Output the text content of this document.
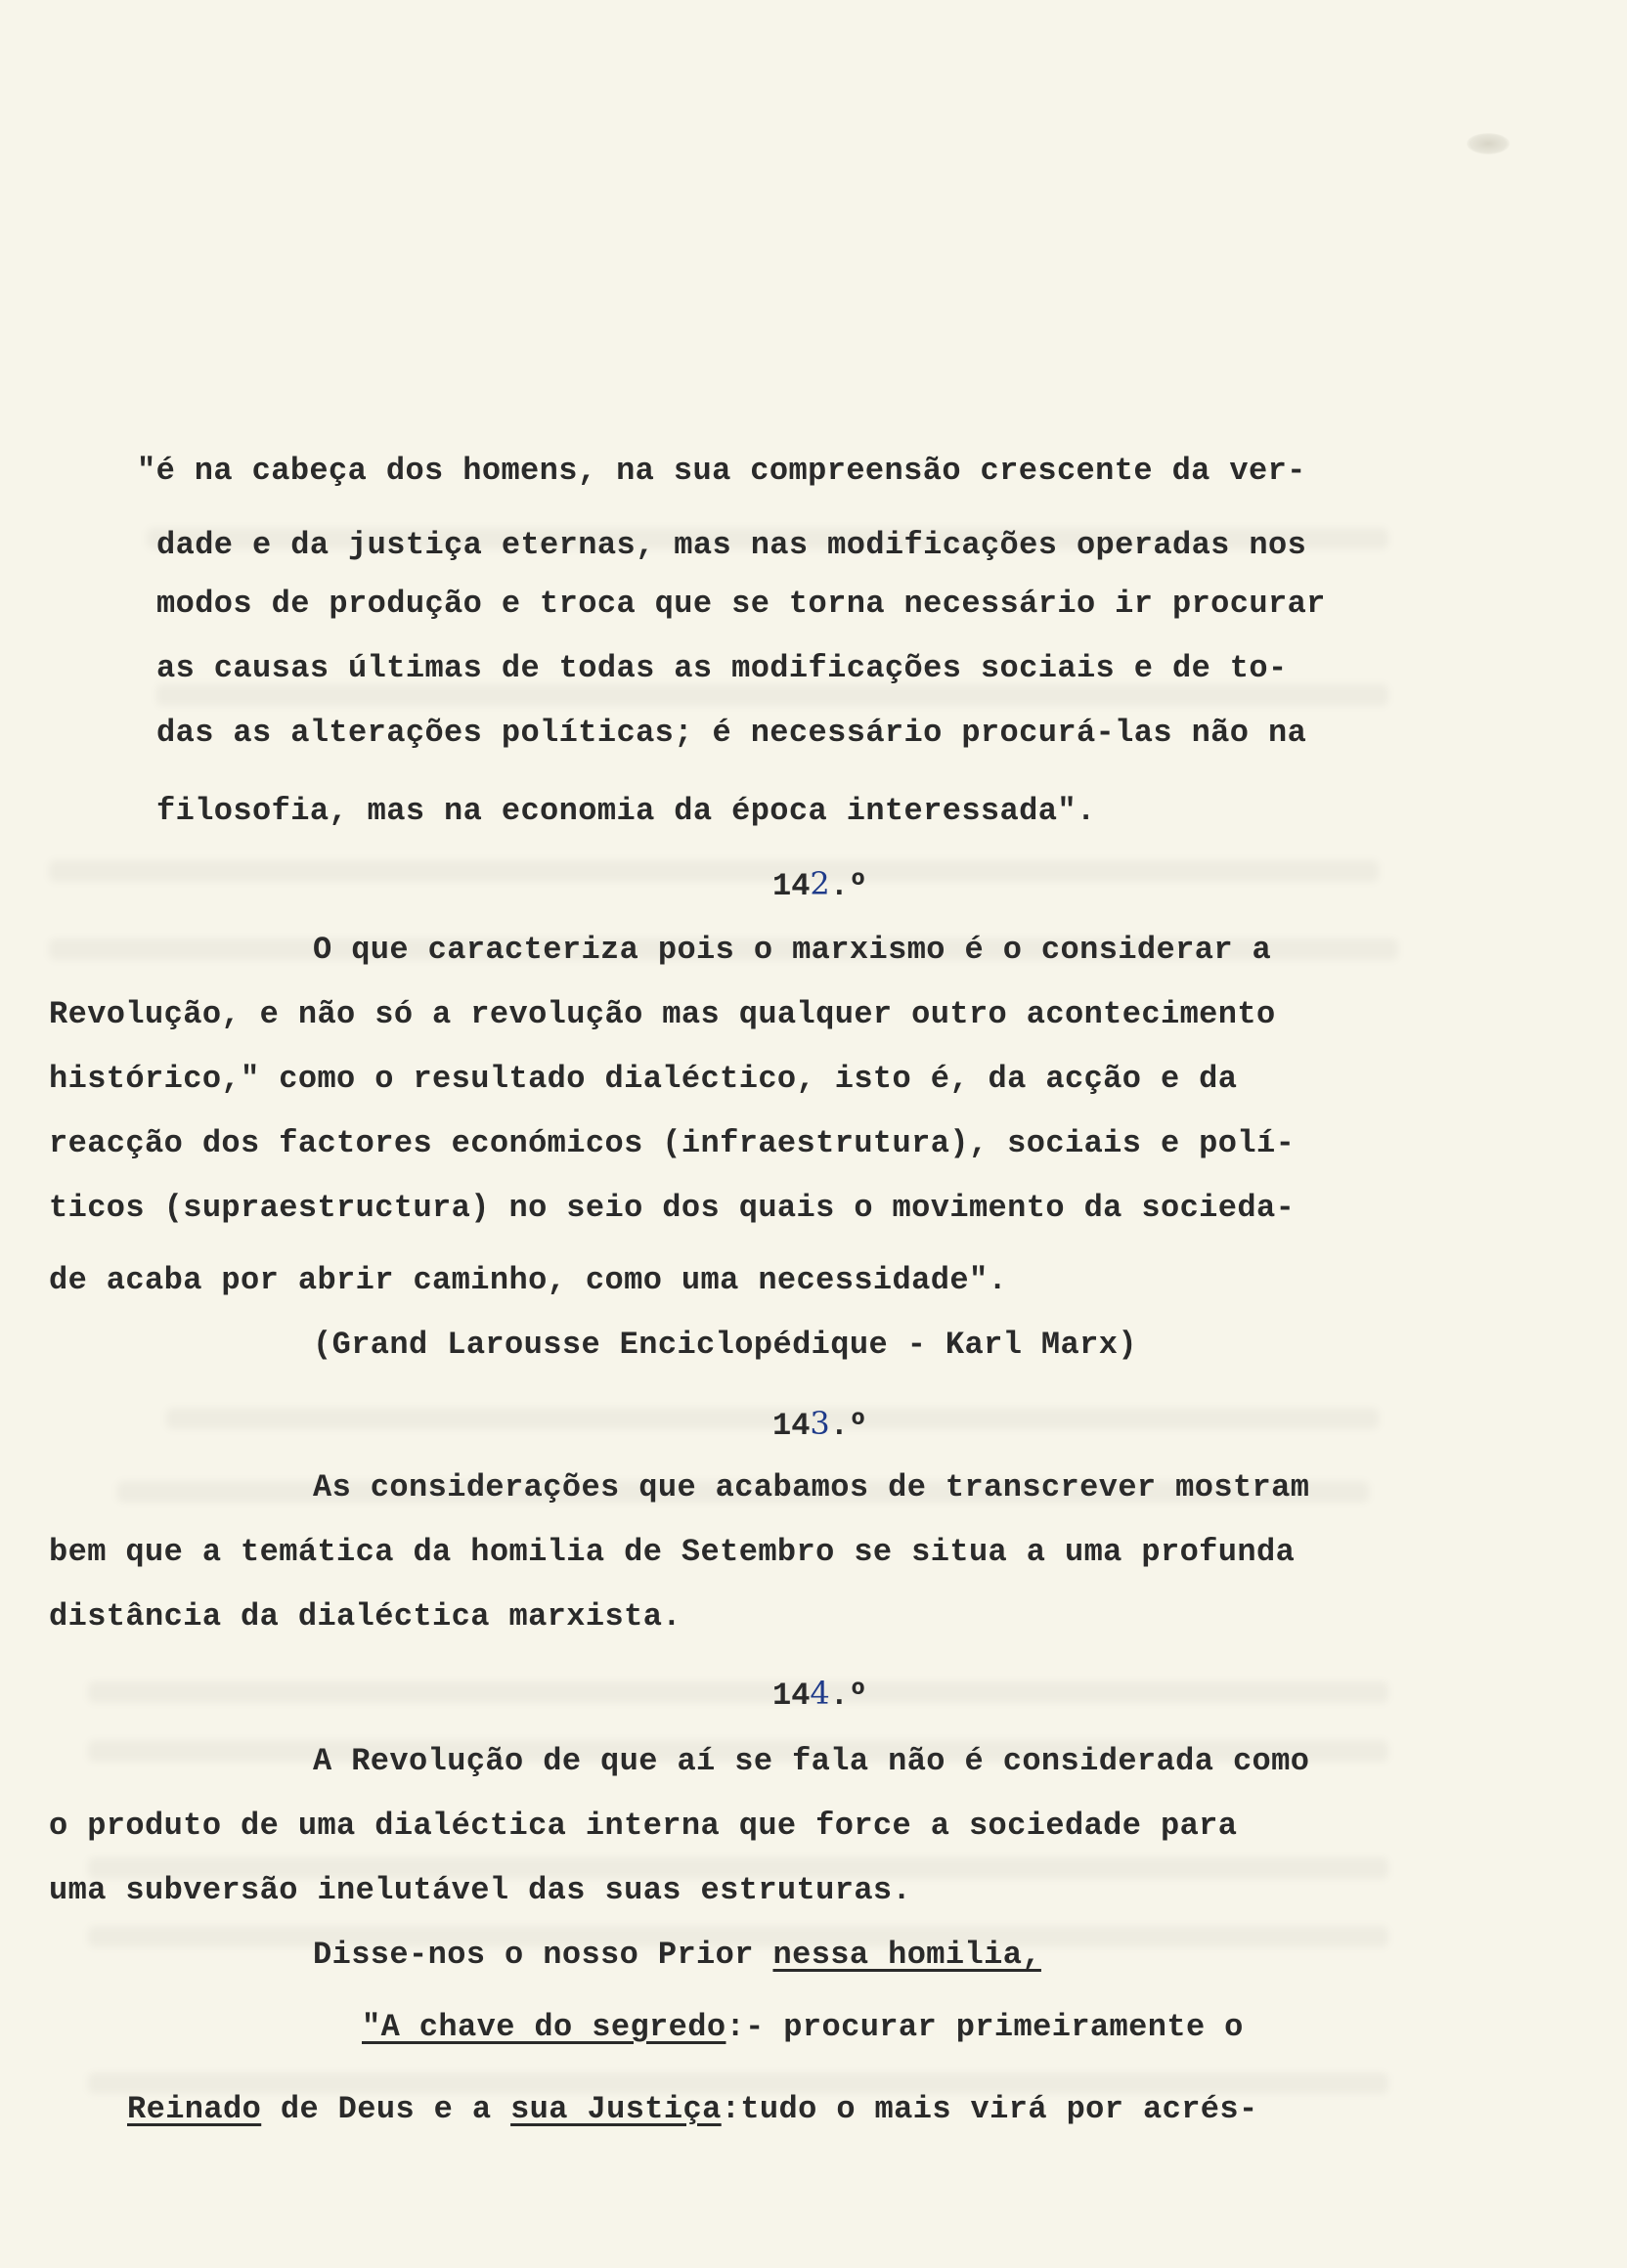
"é na cabeça dos homens, na sua compreensão crescente da ver-
dade e da justiça eternas, mas nas modificações operadas nos
modos de produção e troca que se torna necessário ir procurar
as causas últimas de todas as modificações sociais e de to-
das as alterações políticas; é necessário procurá-las não na
filosofia, mas na economia da época interessada".
142.º
O que caracteriza pois o marxismo é o considerar a
Revolução, e não só a revolução mas qualquer outro acontecimento
histórico," como o resultado dialéctico, isto é, da acção e da
reacção dos factores económicos (infraestrutura), sociais e polí-
ticos (supraestructura) no seio dos quais o movimento da socieda-
de acaba por abrir caminho, como uma necessidade".
(Grand Larousse Enciclopédique - Karl Marx)
143.º
As considerações que acabamos de transcrever mostram
bem que a temática da homilia de Setembro se situa a uma profunda
distância da dialéctica marxista.
144.º
A Revolução de que aí se fala não é considerada como
o produto de uma dialéctica interna que force a sociedade para
uma subversão inelutável das suas estruturas.
Disse-nos o nosso Prior nessa homilia,
"A chave do segredo:- procurar primeiramente o
Reinado de Deus e a sua Justiça:tudo o mais virá por acrés-
